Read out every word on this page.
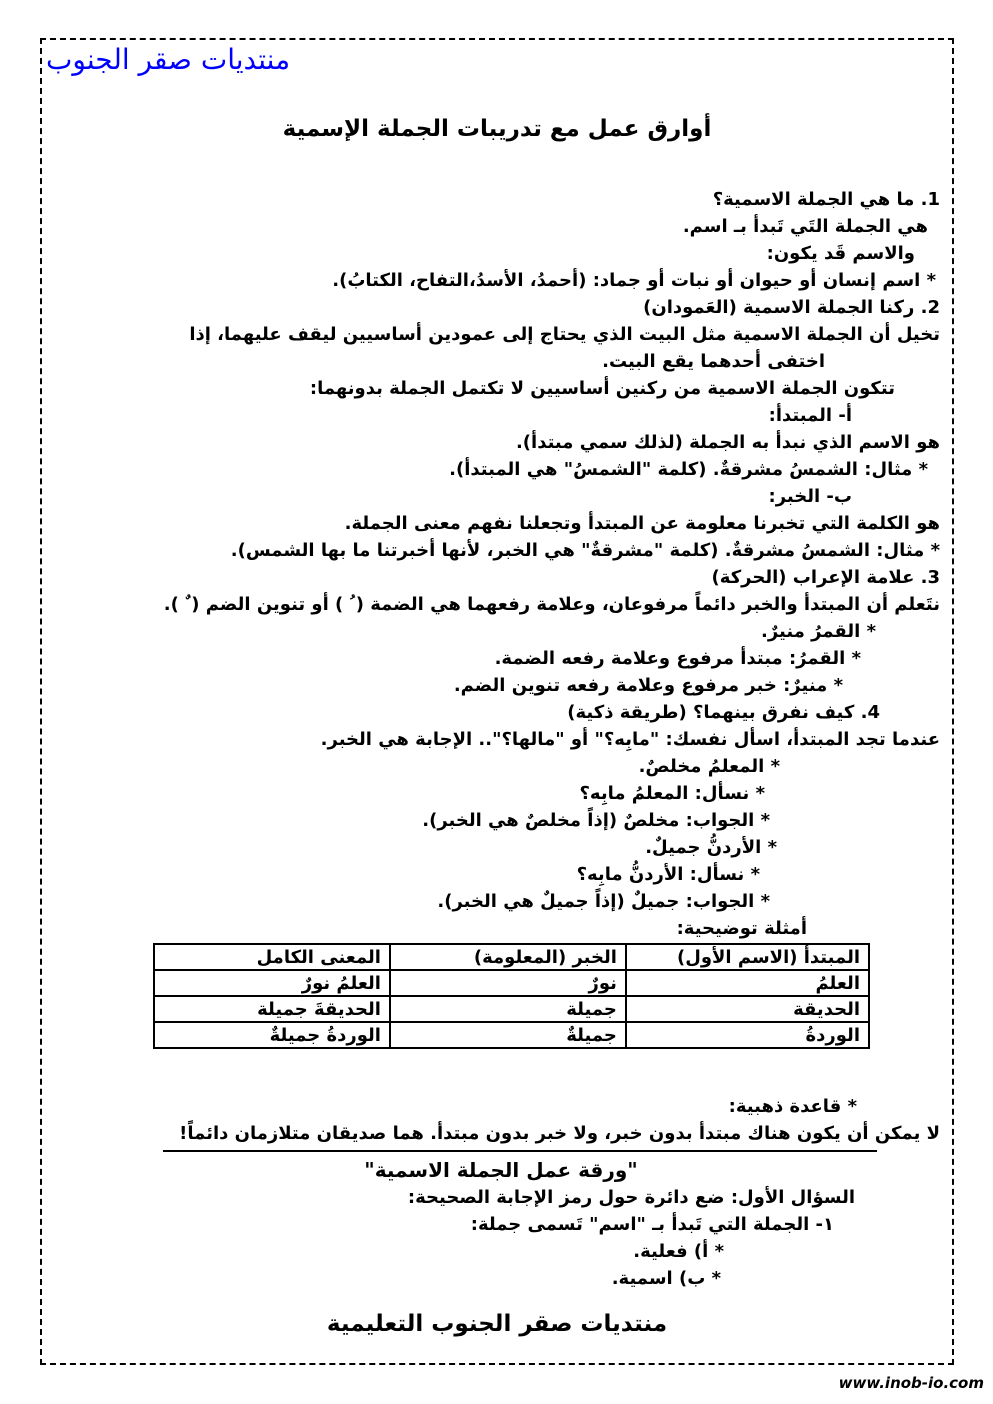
منتديات صقر الجنوب
أوارق عمل مع تدريبات الجملة الإسمية
1. ما هي الجملة الاسمية؟
هي الجملة التَي تَبدأ بـ اسم.
والاسم قَد يكون:
* اسم إنسان أو حيوان أو نبات أو جماد: (أحمدُ، الأسدُ،التفاح، الكتابُ).
2. ركنا الجملة الاسمية (العَمودان)
تخيل أن الجملة الاسمية مثل البيت الذي يحتاج إلى عمودين أساسيين ليقف عليهما، إذا
اختفى أحدهما يقع البيت.
تتكون الجملة الاسمية من ركنين أساسيين لا تكتمل الجملة بدونهما:
أ- المبتدأ:
هو الاسم الذي نبدأ به الجملة (لذلك سمي مبتدأ).
* مثال: الشمسُ مشرقةٌ. (كلمة "الشمسُ" هي المبتدأ).
ب- الخبر:
هو الكلمة التي تخبرنا معلومة عن المبتدأ وتجعلنا نفهم معنى الجملة.
* مثال: الشمسُ مشرقةٌ. (كلمة "مشرقةٌ" هي الخبر، لأنها أخبرتنا ما بها الشمس).
3. علامة الإعراب (الحركة)
نتَعلم أن المبتدأ والخبر دائماً مرفوعان، وعلامة رفعهما هي الضمة ( ُ ) أو تنوين الضم ( ٌ ).
* القمرُ منيرٌ.
* القمرُ: مبتدأ مرفوع وعلامة رفعه الضمة.
* منيرٌ: خبر مرفوع وعلامة رفعه تنوين الضم.
4. كيف نفرق بينهما؟ (طريقة ذكية)
عندما تجد المبتدأ، اسأل نفسك: "مابِه؟" أو "مالها؟".. الإجابة هي الخبر.
* المعلمُ مخلصٌ.
* نسأل: المعلمُ مابِه؟
* الجواب: مخلصٌ (إذاً مخلصٌ هي الخبر).
* الأردنُّ جميلٌ.
* نسأل: الأردنُّ مابِه؟
* الجواب: جميلٌ (إذاً جميلٌ هي الخبر).
أمثلة توضيحية:
المبتدأ (الاسم الأول)	الخبر (المعلومة)	المعنى الكامل
العلمُ	نورٌ	العلمُ نورٌ
الحديقة	جميلة	الحديقةَ جميلة
الوردةُ	جميلةٌ	الوردةُ جميلةٌ
* قاعدة ذهبية:
لا يمكن أن يكون هناك مبتدأ بدون خبر، ولا خبر بدون مبتدأ. هما صديقان متلازمان دائماً!
"ورقة عمل الجملة الاسمية"
السؤال الأول: ضع دائرة حول رمز الإجابة الصحيحة:
١- الجملة التي تَبدأ بـ "اسم" تَسمى جملة:
* أ) فعلية.
* ب) اسمية.
منتديات صقر الجنوب التعليمية
www.inob-io.com
